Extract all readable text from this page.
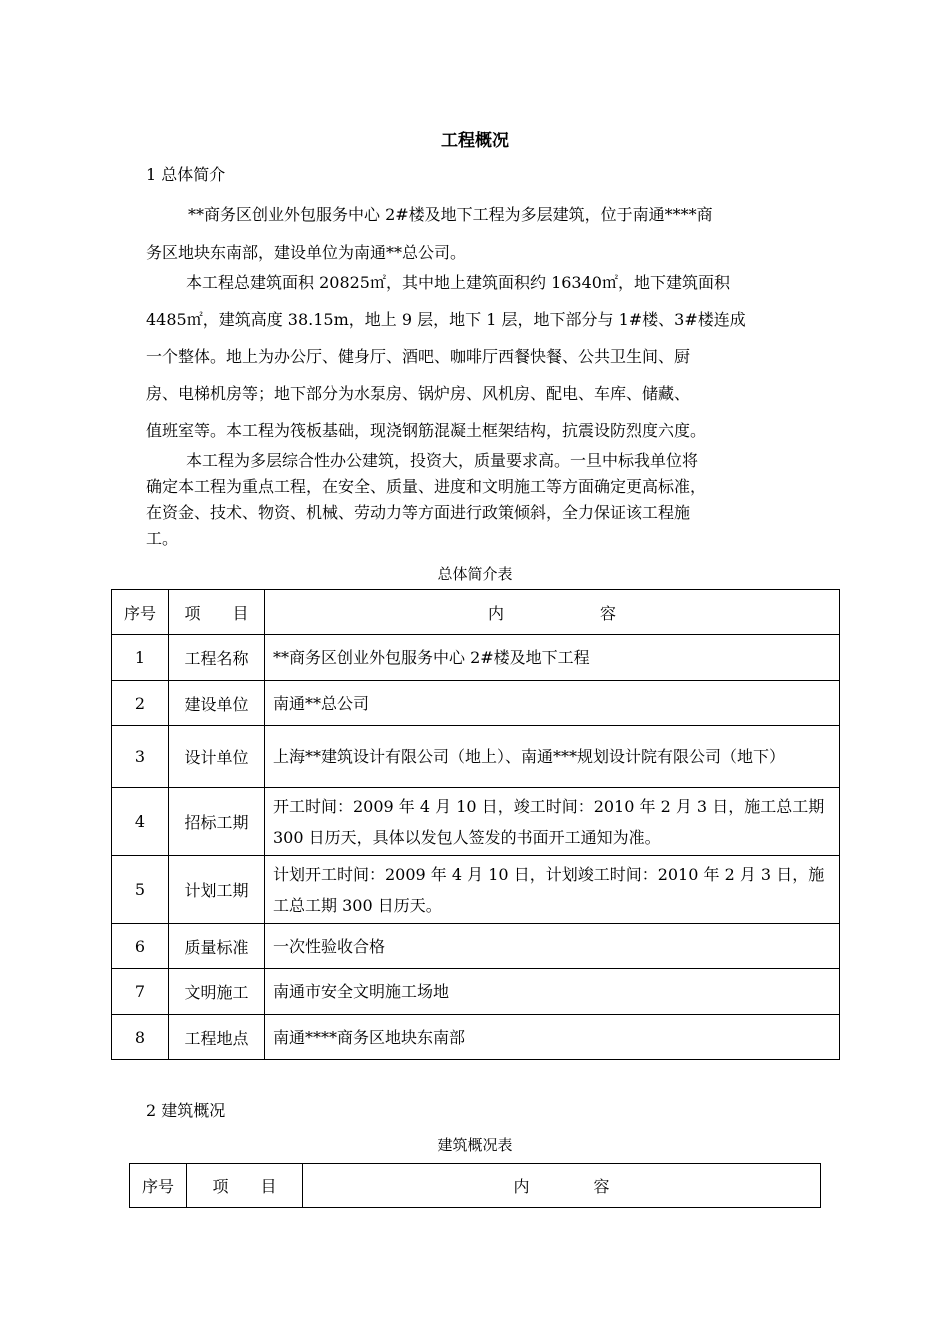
工程概况
1 总体简介
**商务区创业外包服务中心 2#楼及地下工程为多层建筑，位于南通****商
务区地块东南部，建设单位为南通**总公司。
本工程总建筑面积 20825㎡，其中地上建筑面积约 16340㎡，地下建筑面积
4485㎡，建筑高度 38.15m，地上 9 层，地下 1 层，地下部分与 1#楼、3#楼连成
一个整体。地上为办公厅、健身厅、酒吧、咖啡厅西餐快餐、公共卫生间、厨
房、电梯机房等；地下部分为水泵房、锅炉房、风机房、配电、车库、储藏、
值班室等。本工程为筏板基础，现浇钢筋混凝土框架结构，抗震设防烈度六度。
本工程为多层综合性办公建筑，投资大，质量要求高。一旦中标我单位将
确定本工程为重点工程，在安全、质量、进度和文明施工等方面确定更高标准，
在资金、技术、物资、机械、劳动力等方面进行政策倾斜，全力保证该工程施
工。
总体简介表
序号	项　　目	内　　　　　　容
1	工程名称	**商务区创业外包服务中心 2#楼及地下工程
2	建设单位	南通**总公司
3	设计单位	上海**建筑设计有限公司（地上）、南通***规划设计院有限公司（地下）
4	招标工期	开工时间：2009 年 4 月 10 日，竣工时间：2010 年 2 月 3 日，施工总工期 300 日历天，具体以发包人签发的书面开工通知为准。
5	计划工期	计划开工时间：2009 年 4 月 10 日，计划竣工时间：2010 年 2 月 3 日，施工总工期 300 日历天。
6	质量标准	一次性验收合格
7	文明施工	南通市安全文明施工场地
8	工程地点	南通****商务区地块东南部
2 建筑概况
建筑概况表
序号	项　　目	内　　　　容
